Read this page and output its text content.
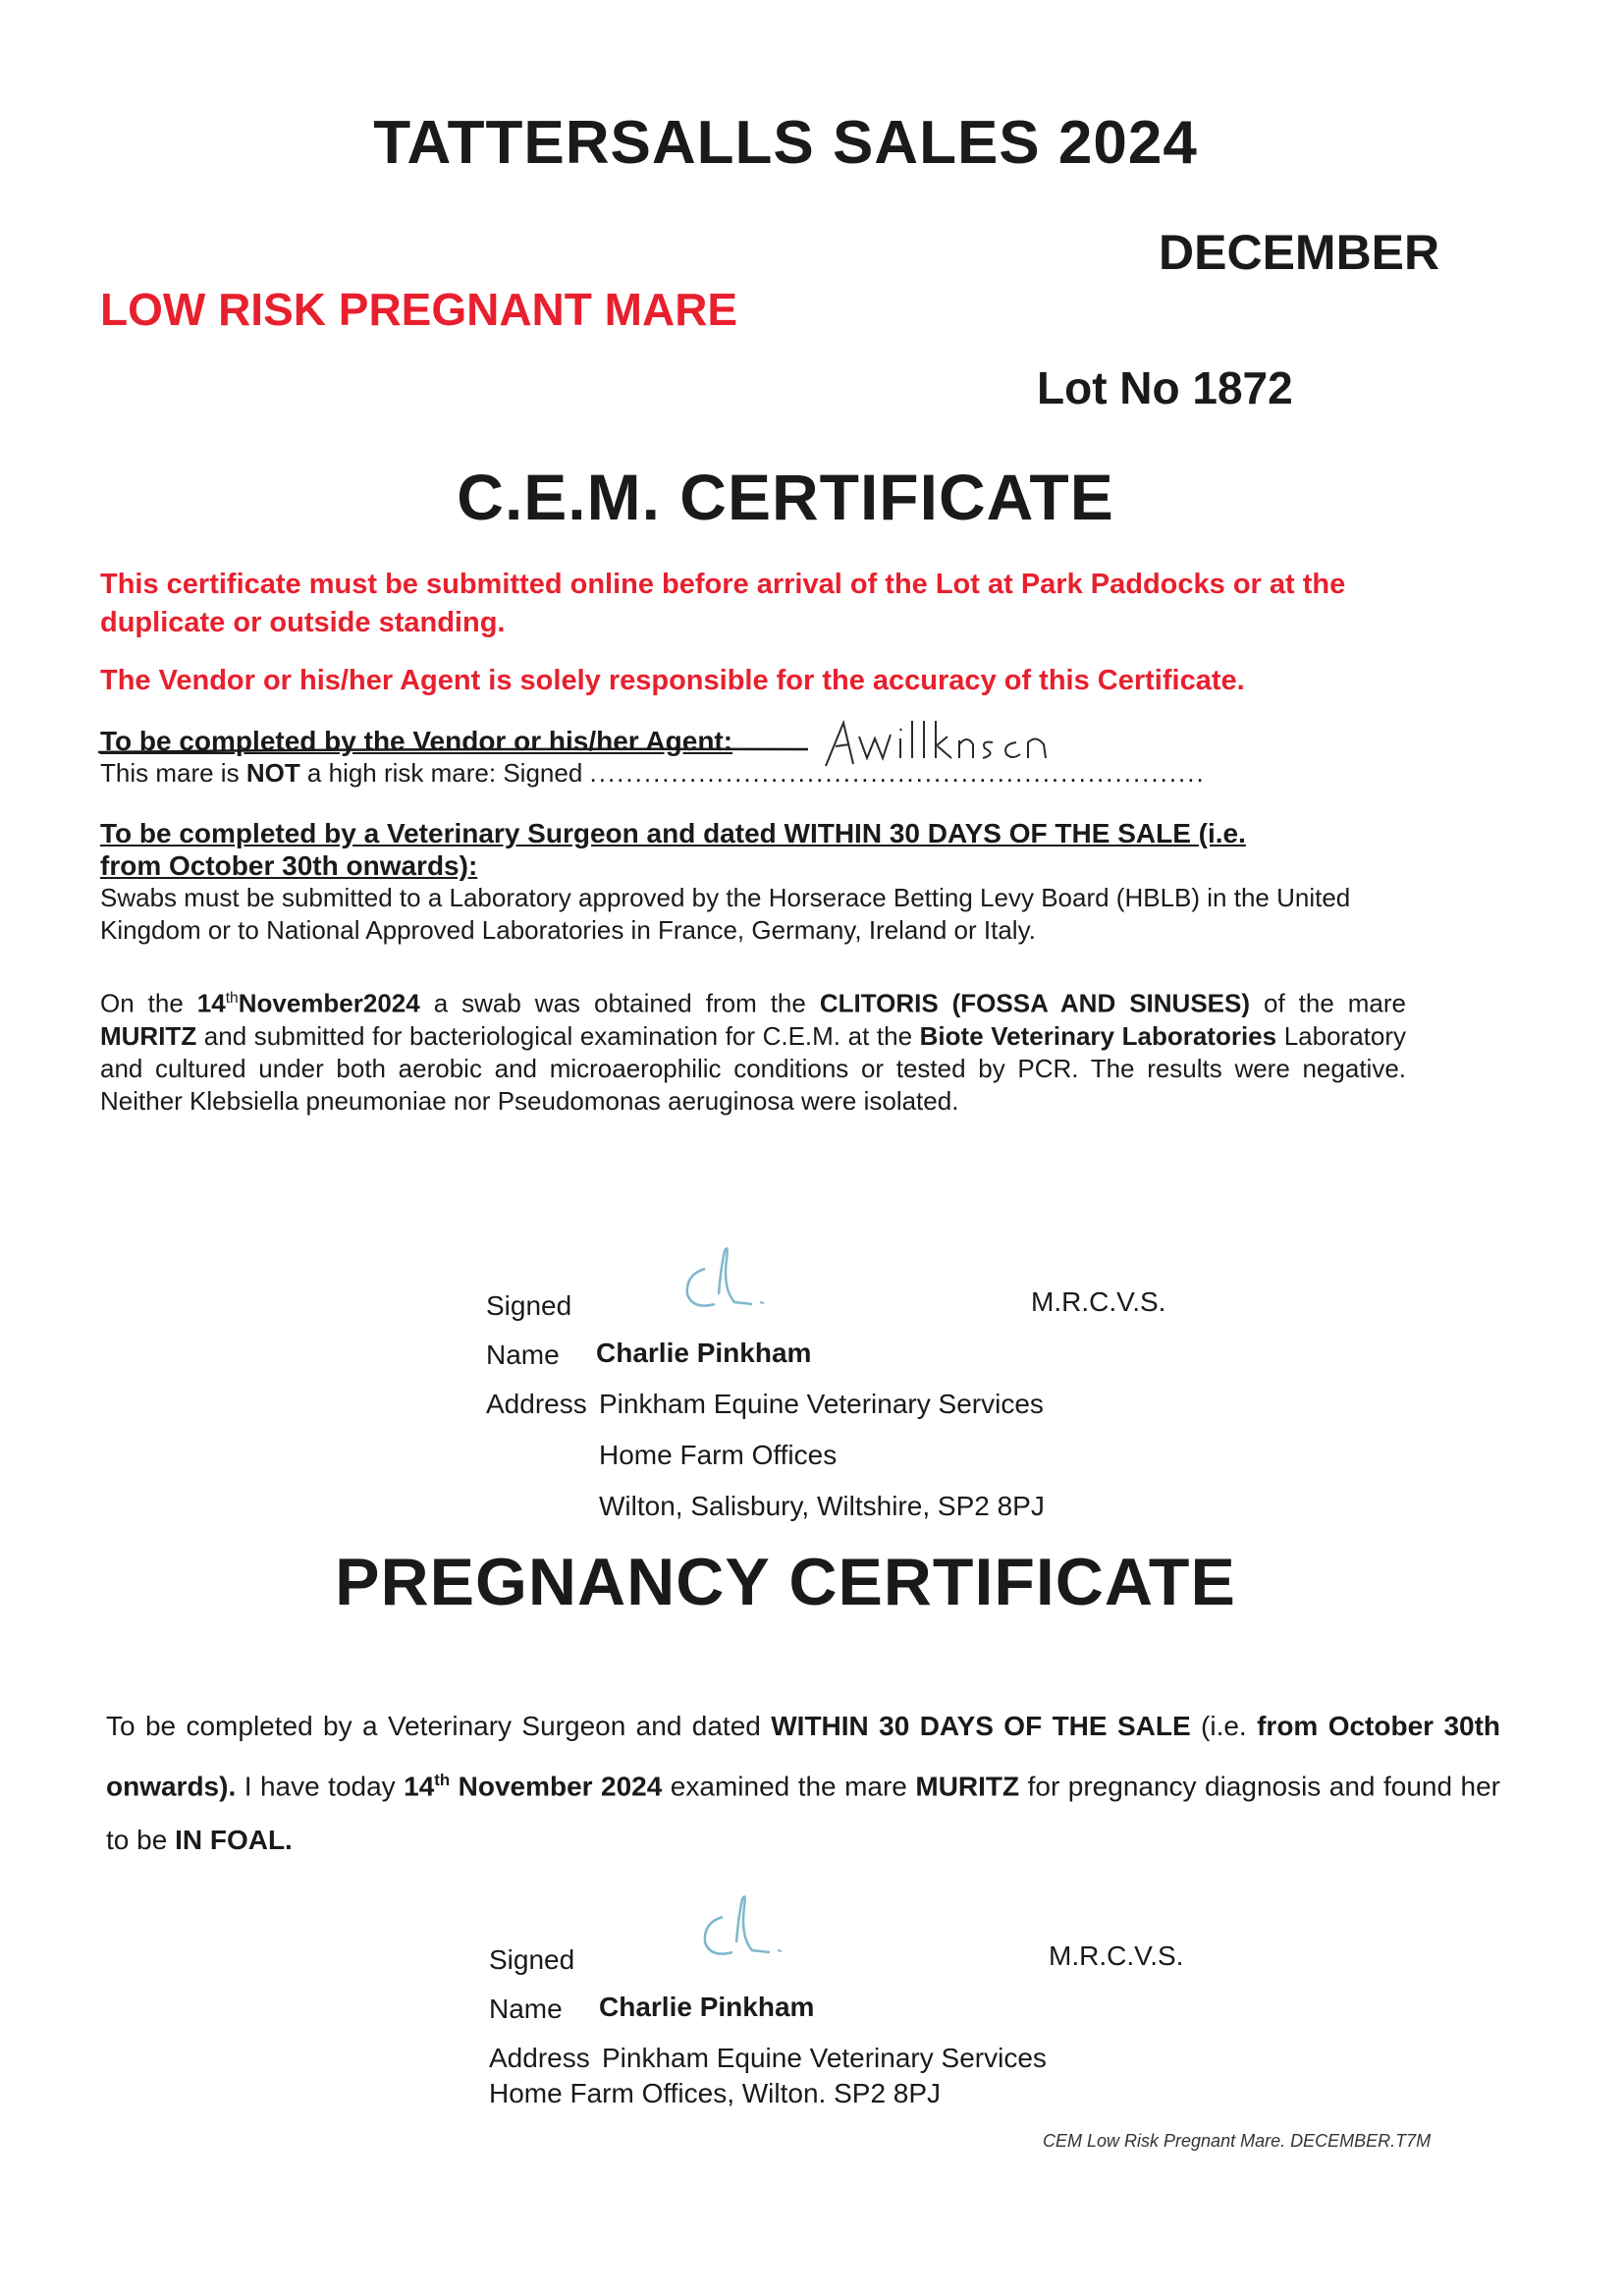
TATTERSALLS SALES 2024
DECEMBER
LOW RISK PREGNANT MARE
Lot No 1872
C.E.M. CERTIFICATE
This certificate must be submitted online before arrival of the Lot at Park Paddocks or at the duplicate or outside standing.
The Vendor or his/her Agent is solely responsible for the accuracy of this Certificate.
To be completed by the Vendor or his/her Agent:
This mare is NOT a high risk mare: Signed ....................................................................
To be completed by a Veterinary Surgeon and dated WITHIN 30 DAYS OF THE SALE (i.e.
from October 30th onwards):
Swabs must be submitted to a Laboratory approved by the Horserace Betting Levy Board (HBLB) in the United Kingdom or to National Approved Laboratories in France, Germany, Ireland or Italy.
On the 14thNovember2024 a swab was obtained from the CLITORIS (FOSSA AND SINUSES) of the mare MURITZ and submitted for bacteriological examination for C.E.M. at the Biote Veterinary Laboratories Laboratory and cultured under both aerobic and microaerophilic conditions or tested by PCR. The results were negative. Neither Klebsiella pneumoniae nor Pseudomonas aeruginosa were isolated.
Signed	M.R.C.V.S.
Name Charlie Pinkham
Address Pinkham Equine Veterinary Services
Home Farm Offices
Wilton, Salisbury, Wiltshire, SP2 8PJ
PREGNANCY CERTIFICATE
To be completed by a Veterinary Surgeon and dated WITHIN 30 DAYS OF THE SALE (i.e. from October 30th onwards). I have today 14th November 2024 examined the mare MURITZ for pregnancy diagnosis and found her to be IN FOAL.
Signed	M.R.C.V.S.
Name Charlie Pinkham
Address Pinkham Equine Veterinary Services
Home Farm Offices, Wilton. SP2 8PJ
CEM Low Risk Pregnant Mare. DECEMBER.T7M
